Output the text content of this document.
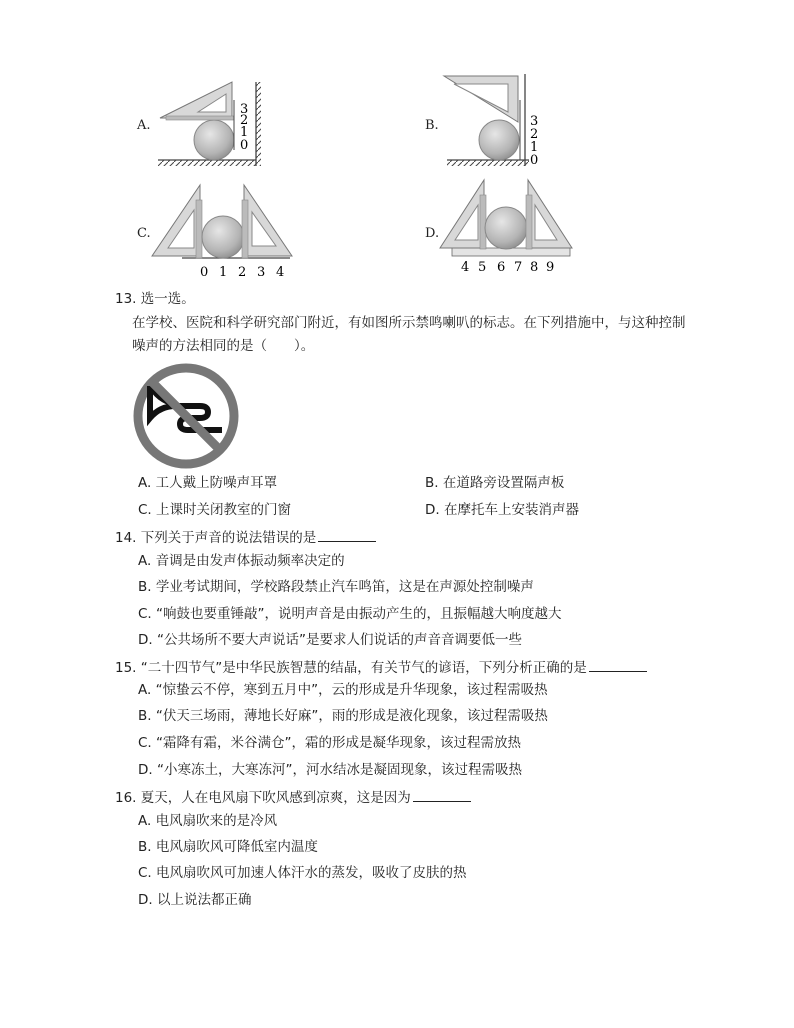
A.	B.
C.	D.
3
2
1
0
3
2
1
0
0 1 2 3 4	4 5 6 7 8 9
13. 选一选。
在学校、医院和科学研究部门附近，有如图所示禁鸣喇叭的标志。在下列措施中，与这种控制
噪声的方法相同的是（　　）。
A. 工人戴上防噪声耳罩	B. 在道路旁设置隔声板
C. 上课时关闭教室的门窗	D. 在摩托车上安装消声器
14. 下列关于声音的说法错误的是
A. 音调是由发声体振动频率决定的
B. 学业考试期间，学校路段禁止汽车鸣笛，这是在声源处控制噪声
C. “响鼓也要重锤敲”，说明声音是由振动产生的，且振幅越大响度越大
D. “公共场所不要大声说话”是要求人们说话的声音音调要低一些
15. “二十四节气”是中华民族智慧的结晶，有关节气的谚语，下列分析正确的是
A. “惊蛰云不停，寒到五月中”，云的形成是升华现象，该过程需吸热
B. “伏天三场雨，薄地长好麻”，雨的形成是液化现象，该过程需吸热
C. “霜降有霜，米谷满仓”，霜的形成是凝华现象，该过程需放热
D. “小寒冻土，大寒冻河”，河水结冰是凝固现象，该过程需吸热
16. 夏天，人在电风扇下吹风感到凉爽，这是因为
A. 电风扇吹来的是冷风
B. 电风扇吹风可降低室内温度
C. 电风扇吹风可加速人体汗水的蒸发，吸收了皮肤的热
D. 以上说法都正确
